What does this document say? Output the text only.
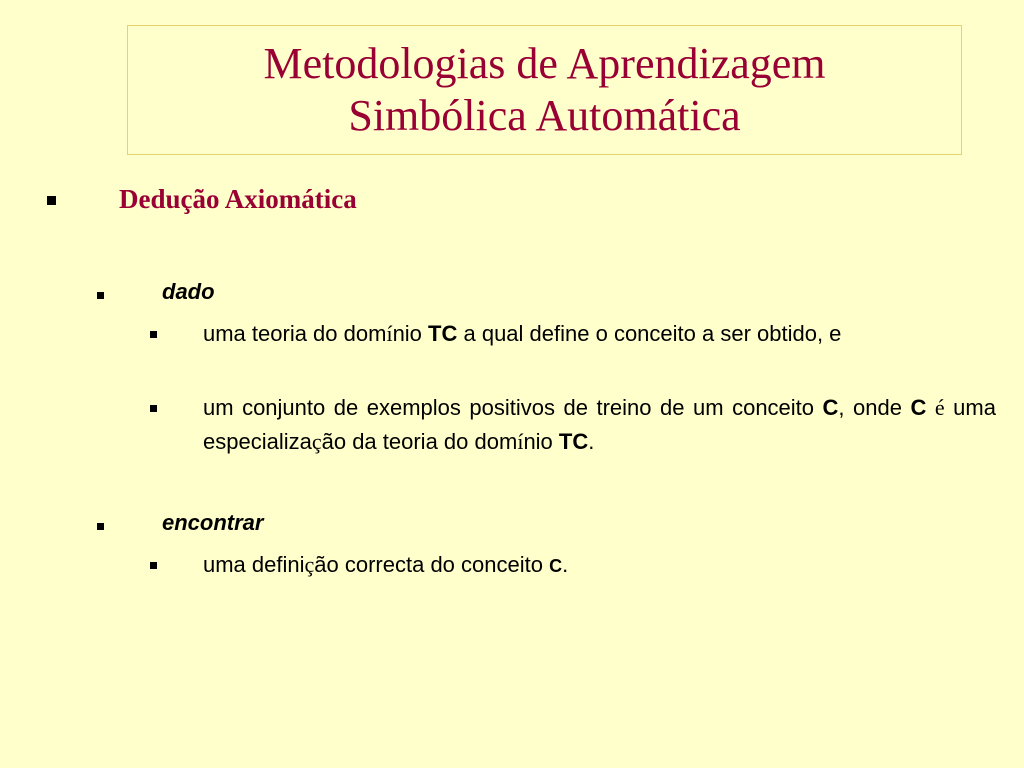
Metodologias de Aprendizagem
Simbólica Automática
Dedução Axiomática
dado
uma teoria do domínio TC a qual define o conceito a ser obtido, e
um conjunto de exemplos positivos de treino de um conceito C, onde C é uma especialização da teoria do domínio TC.
encontrar
uma definição correcta do conceito C.
